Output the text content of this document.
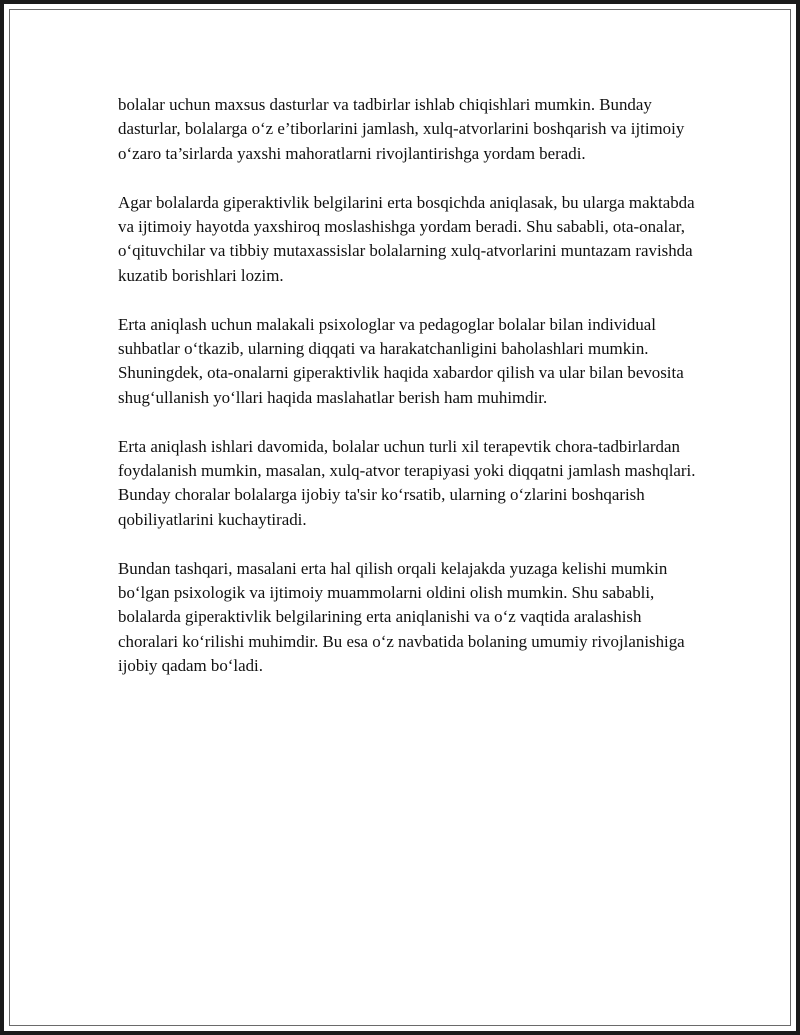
bolalar uchun maxsus dasturlar va tadbirlar ishlab chiqishlari mumkin. Bunday dasturlar, bolalarga o‘z e’tiborlarini jamlash, xulq-atvorlarini boshqarish va ijtimoiy o‘zaro ta’sirlarda yaxshi mahoratlarni rivojlantirishga yordam beradi.

Agar bolalarda giperaktivlik belgilarini erta bosqichda aniqlasak, bu ularga maktabda va ijtimoiy hayotda yaxshiroq moslashishga yordam beradi. Shu sababli, ota-onalar, o‘qituvchilar va tibbiy mutaxassislar bolalarning xulq-atvorlarini muntazam ravishda kuzatib borishlari lozim.

Erta aniqlash uchun malakali psixologlar va pedagoglar bolalar bilan individual suhbatlar o‘tkazib, ularning diqqati va harakatchanligini baholashlari mumkin. Shuningdek, ota-onalarni giperaktivlik haqida xabardor qilish va ular bilan bevosita shug‘ullanish yo‘llari haqida maslahatlar berish ham muhimdir.

Erta aniqlash ishlari davomida, bolalar uchun turli xil terapevtik chora-tadbirlardan foydalanish mumkin, masalan, xulq-atvor terapiyasi yoki diqqatni jamlash mashqlari. Bunday choralar bolalarga ijobiy ta'sir ko‘rsatib, ularning o‘zlarini boshqarish qobiliyatlarini kuchaytiradi.

Bundan tashqari, masalani erta hal qilish orqali kelajakda yuzaga kelishi mumkin bo‘lgan psixologik va ijtimoiy muammolarni oldini olish mumkin. Shu sababli, bolalarda giperaktivlik belgilarining erta aniqlanishi va o‘z vaqtida aralashish choralari ko‘rilishi muhimdir. Bu esa o‘z navbatida bolaning umumiy rivojlanishiga ijobiy qadam bo‘ladi.
